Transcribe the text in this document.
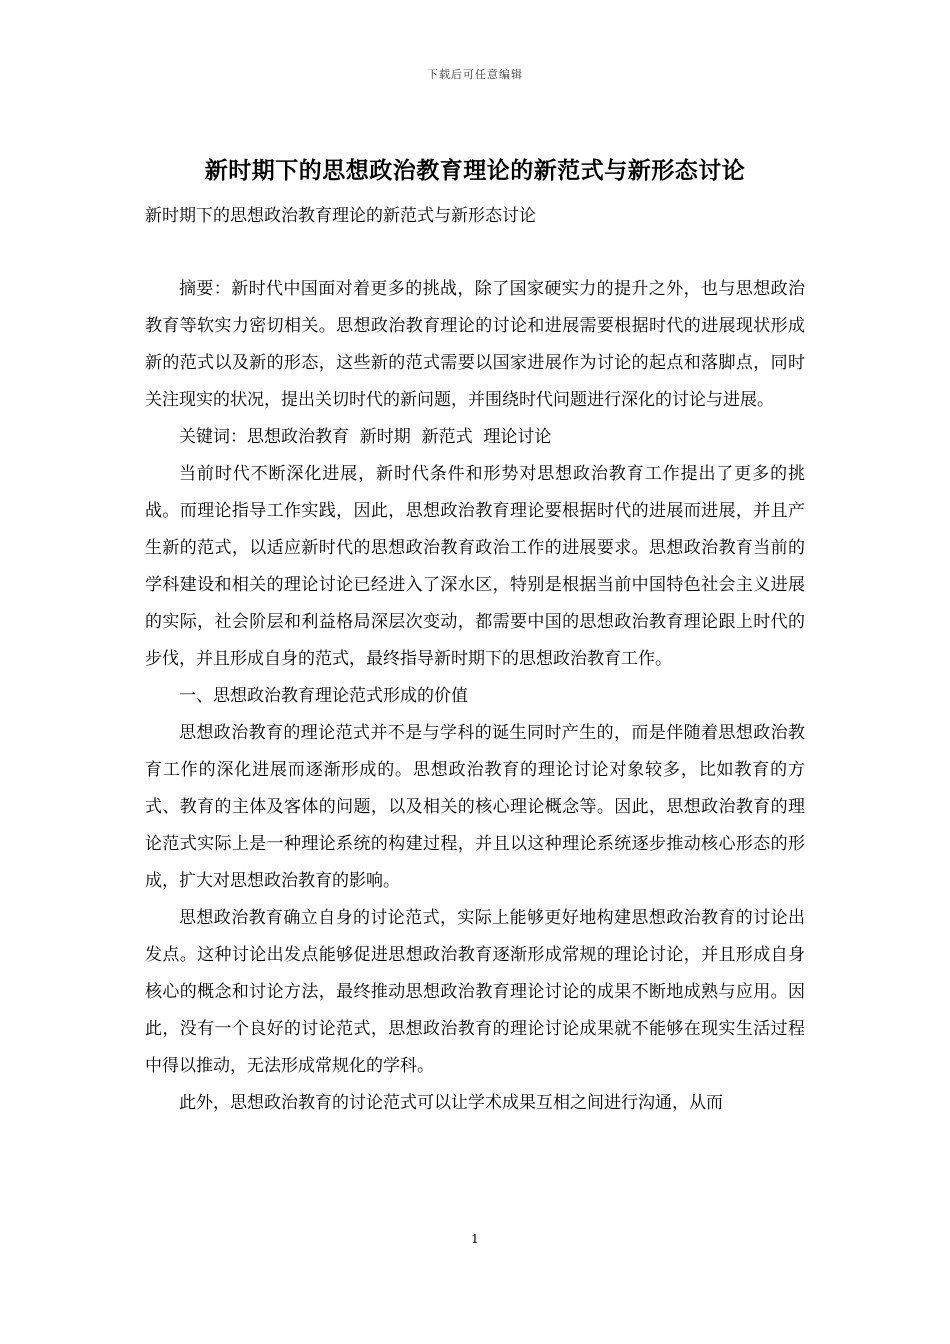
下载后可任意编辑
新时期下的思想政治教育理论的新范式与新形态讨论
新时期下的思想政治教育理论的新范式与新形态讨论

摘要：新时代中国面对着更多的挑战，除了国家硬实力的提升之外，也与思想政治教育等软实力密切相关。思想政治教育理论的讨论和进展需要根据时代的进展现状形成新的范式以及新的形态，这些新的范式需要以国家进展作为讨论的起点和落脚点，同时关注现实的状况，提出关切时代的新问题，并围绕时代问题进行深化的讨论与进展。

关键词：思想政治教育  新时期  新范式  理论讨论

当前时代不断深化进展，新时代条件和形势对思想政治教育工作提出了更多的挑战。而理论指导工作实践，因此，思想政治教育理论要根据时代的进展而进展，并且产生新的范式，以适应新时代的思想政治教育政治工作的进展要求。思想政治教育当前的学科建设和相关的理论讨论已经进入了深水区，特别是根据当前中国特色社会主义进展的实际，社会阶层和利益格局深层次变动，都需要中国的思想政治教育理论跟上时代的步伐，并且形成自身的范式，最终指导新时期下的思想政治教育工作。

一、思想政治教育理论范式形成的价值

思想政治教育的理论范式并不是与学科的诞生同时产生的，而是伴随着思想政治教育工作的深化进展而逐渐形成的。思想政治教育的理论讨论对象较多，比如教育的方式、教育的主体及客体的问题，以及相关的核心理论概念等。因此，思想政治教育的理论范式实际上是一种理论系统的构建过程，并且以这种理论系统逐步推动核心形态的形成，扩大对思想政治教育的影响。

思想政治教育确立自身的讨论范式，实际上能够更好地构建思想政治教育的讨论出发点。这种讨论出发点能够促进思想政治教育逐渐形成常规的理论讨论，并且形成自身核心的概念和讨论方法，最终推动思想政治教育理论讨论的成果不断地成熟与应用。因此，没有一个良好的讨论范式，思想政治教育的理论讨论成果就不能够在现实生活过程中得以推动，无法形成常规化的学科。

此外，思想政治教育的讨论范式可以让学术成果互相之间进行沟通，从而

1
